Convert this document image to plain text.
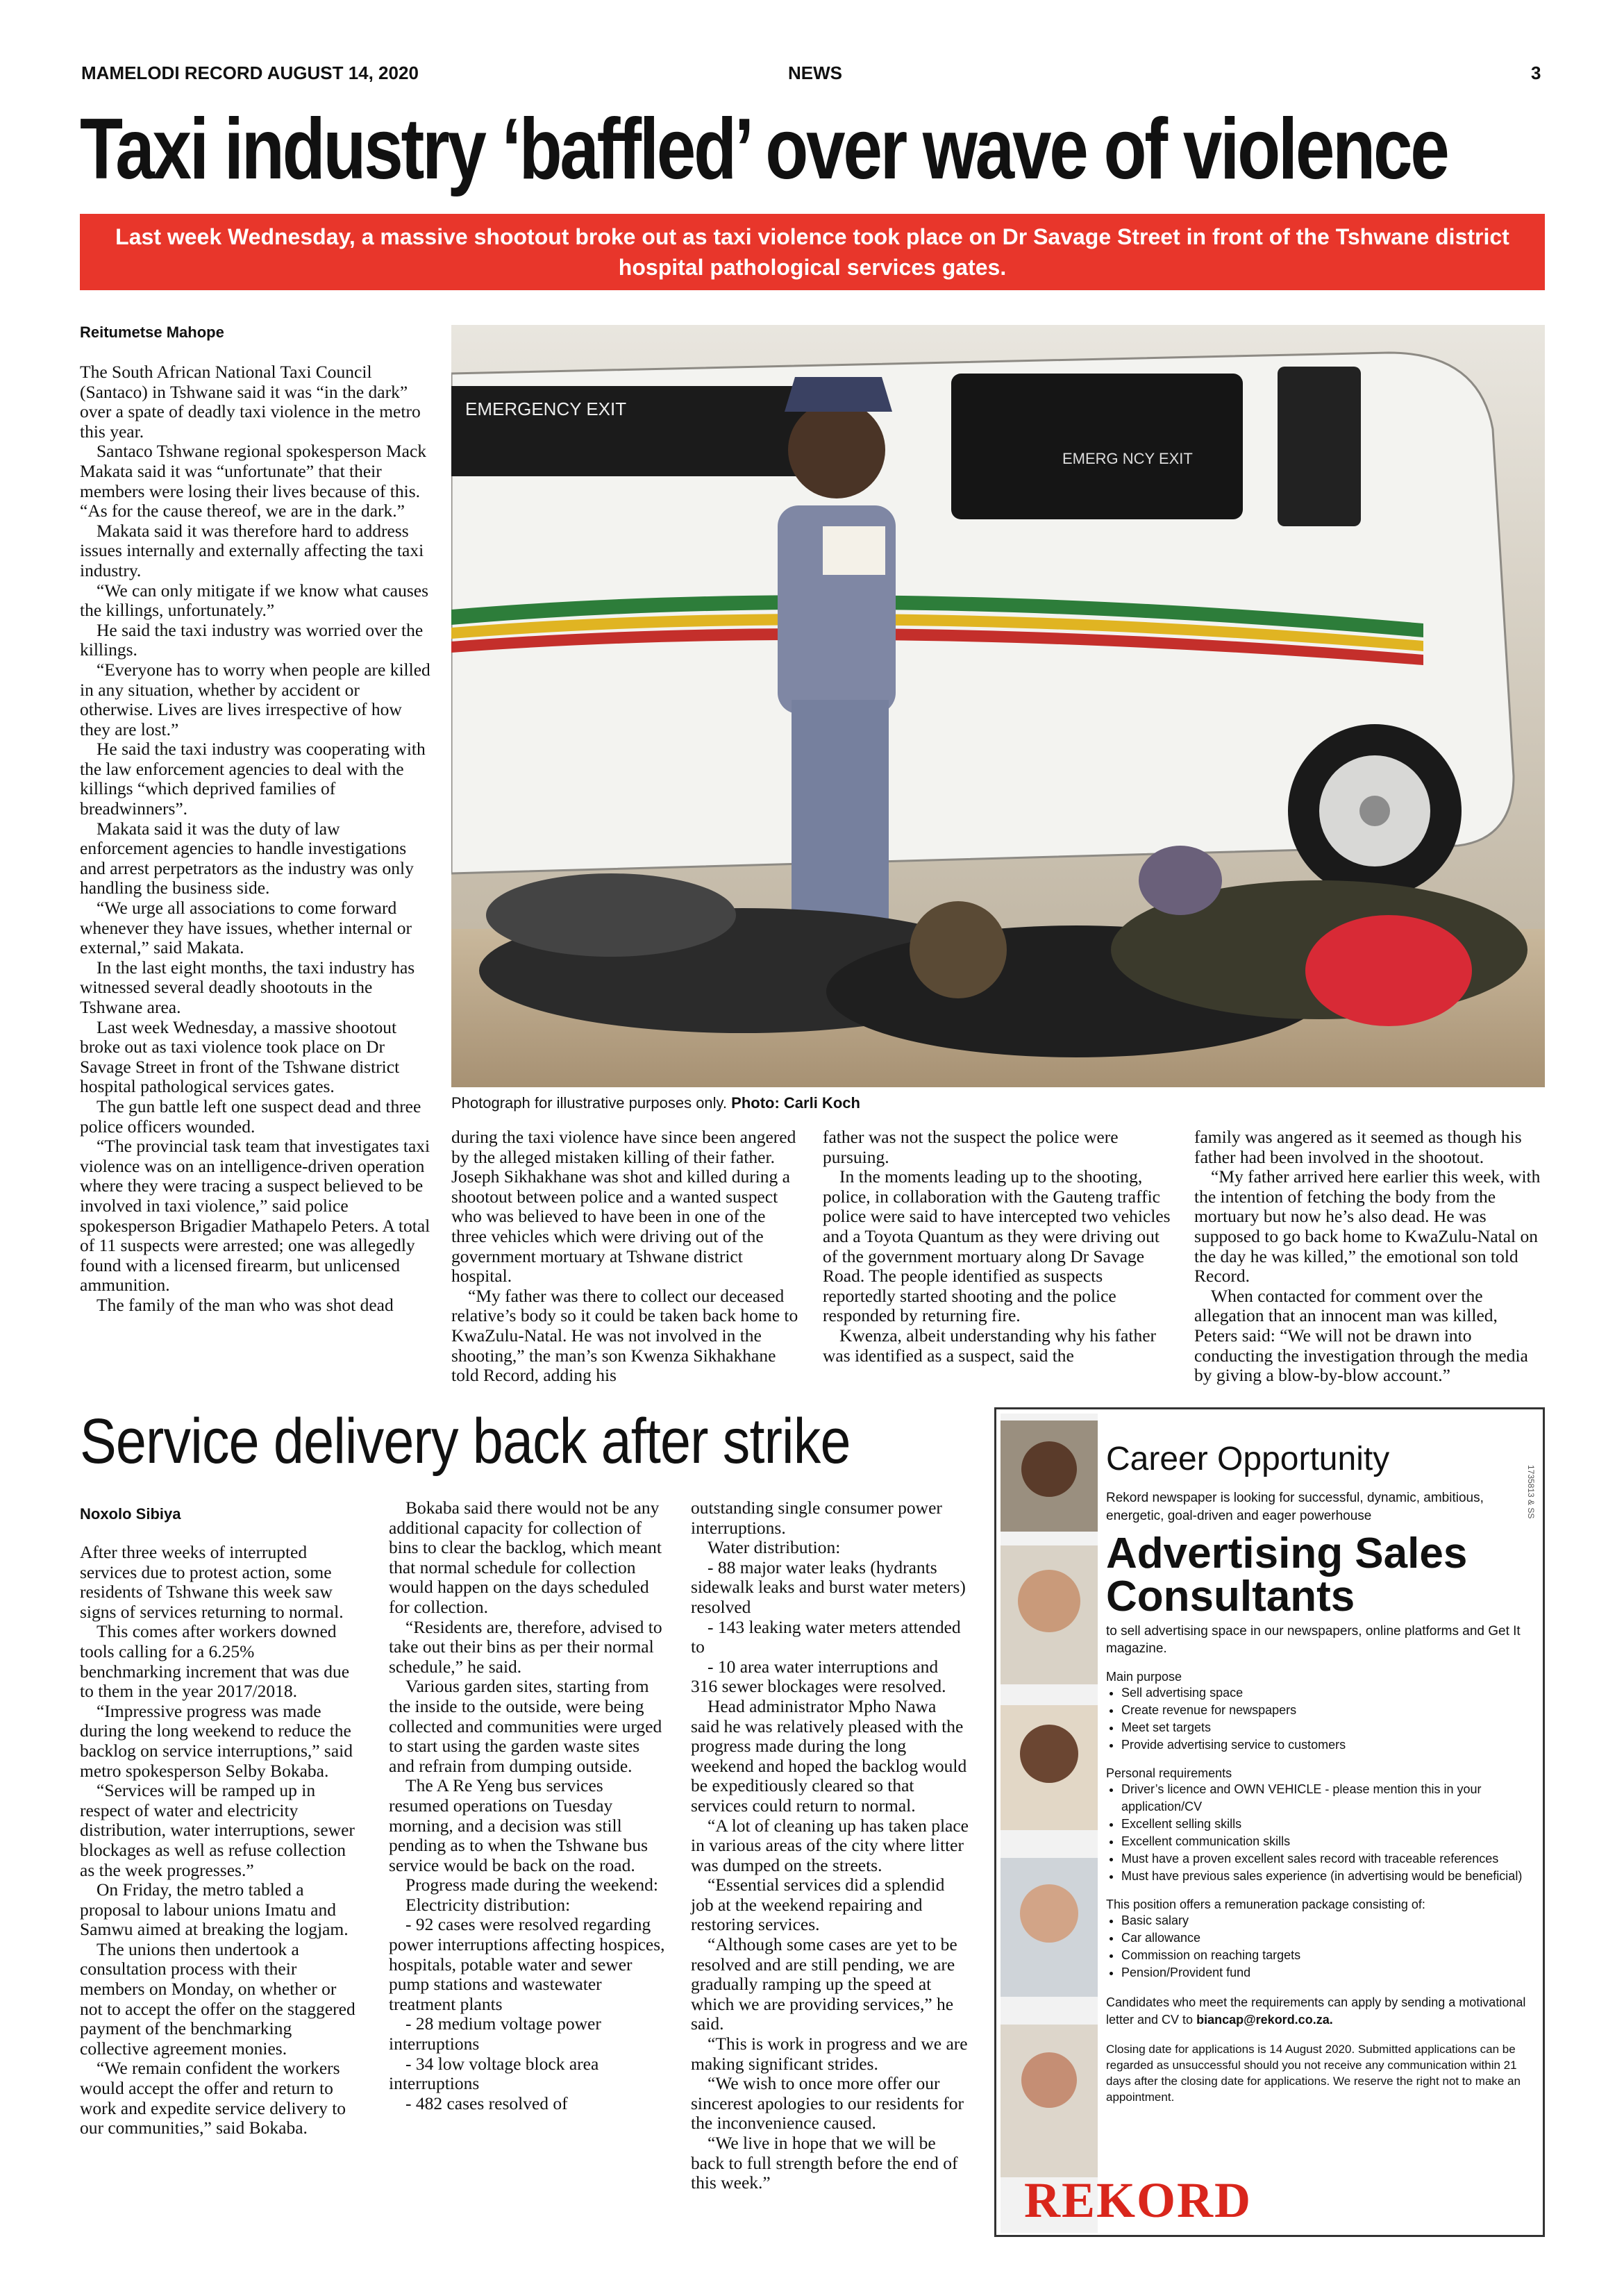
MAMELODI RECORD AUGUST 14, 2020	NEWS	3
Taxi industry ‘baffled’ over wave of violence
Last week Wednesday, a massive shootout broke out as taxi violence took place on Dr Savage Street in front of the Tshwane district hospital pathological services gates.
Reitumetse Mahope

The South African National Taxi Council (Santaco) in Tshwane said it was “in the dark” over a spate of deadly taxi violence in the metro this year.

Santaco Tshwane regional spokesperson Mack Makata said it was “unfortunate” that their members were losing their lives because of this. “As for the cause thereof, we are in the dark.”

Makata said it was therefore hard to address issues internally and externally affecting the taxi industry.

“We can only mitigate if we know what causes the killings, unfortunately.”

He said the taxi industry was worried over the killings.

“Everyone has to worry when people are killed in any situation, whether by accident or otherwise. Lives are lives irrespective of how they are lost.”

He said the taxi industry was cooperating with the law enforcement agencies to deal with the killings “which deprived families of breadwinners”.

Makata said it was the duty of law enforcement agencies to handle investigations and arrest perpetrators as the industry was only handling the business side.

“We urge all associations to come forward whenever they have issues, whether internal or external,” said Makata.

In the last eight months, the taxi industry has witnessed several deadly shootouts in the Tshwane area.

Last week Wednesday, a massive shootout broke out as taxi violence took place on Dr Savage Street in front of the Tshwane district hospital pathological services gates.

The gun battle left one suspect dead and three police officers wounded.

“The provincial task team that investigates taxi violence was on an intelligence-driven operation where they were tracing a suspect believed to be involved in taxi violence,” said police spokesperson Brigadier Mathapelo Peters. A total of 11 suspects were arrested; one was allegedly found with a licensed firearm, but unlicensed ammunition.

The family of the man who was shot dead

EMERGENCY EXIT
EMERG NCY EXIT
Photograph for illustrative purposes only. Photo: Carli Koch

during the taxi violence have since been angered by the alleged mistaken killing of their father. Joseph Sikhakhane was shot and killed during a shootout between police and a wanted suspect who was believed to have been in one of the three vehicles which were driving out of the government mortuary at Tshwane district hospital.

“My father was there to collect our deceased relative’s body so it could be taken back home to KwaZulu-Natal. He was not involved in the shooting,” the man’s son Kwenza Sikhakhane told Record, adding his

father was not the suspect the police were pursuing.

In the moments leading up to the shooting, police, in collaboration with the Gauteng traffic police were said to have intercepted two vehicles and a Toyota Quantum as they were driving out of the government mortuary along Dr Savage Road. The people identified as suspects reportedly started shooting and the police responded by returning fire.

Kwenza, albeit understanding why his father was identified as a suspect, said the

family was angered as it seemed as though his father had been involved in the shootout.

“My father arrived here earlier this week, with the intention of fetching the body from the mortuary but now he’s also dead. He was supposed to go back home to KwaZulu-Natal on the day he was killed,” the emotional son told Record.

When contacted for comment over the allegation that an innocent man was killed, Peters said: “We will not be drawn into conducting the investigation through the media by giving a blow-by-blow account.”

Service delivery back after strike
Noxolo Sibiya

After three weeks of interrupted services due to protest action, some residents of Tshwane this week saw signs of services returning to normal.

This comes after workers downed tools calling for a 6.25% benchmarking increment that was due to them in the year 2017/2018.

“Impressive progress was made during the long weekend to reduce the backlog on service interruptions,” said metro spokesperson Selby Bokaba.

“Services will be ramped up in respect of water and electricity distribution, water interruptions, sewer blockages as well as refuse collection as the week progresses.”

On Friday, the metro tabled a proposal to labour unions Imatu and Samwu aimed at breaking the logjam.

The unions then undertook a consultation process with their members on Monday, on whether or not to accept the offer on the staggered payment of the benchmarking collective agreement monies.

“We remain confident the workers would accept the offer and return to work and expedite service delivery to our communities,” said Bokaba.

Bokaba said there would not be any additional capacity for collection of bins to clear the backlog, which meant that normal schedule for collection would happen on the days scheduled for collection.

“Residents are, therefore, advised to take out their bins as per their normal schedule,” he said.

Various garden sites, starting from the inside to the outside, were being collected and communities were urged to start using the garden waste sites and refrain from dumping outside.

The A Re Yeng bus services resumed operations on Tuesday morning, and a decision was still pending as to when the Tshwane bus service would be back on the road.

Progress made during the weekend:

Electricity distribution:

- 92 cases were resolved regarding power interruptions affecting hospices, hospitals, potable water and sewer pump stations and wastewater treatment plants

- 28 medium voltage power interruptions

- 34 low voltage block area interruptions

- 482 cases resolved of

outstanding single consumer power interruptions.

Water distribution:

- 88 major water leaks (hydrants sidewalk leaks and burst water meters) resolved

- 143 leaking water meters attended to

- 10 area water interruptions and 316 sewer blockages were resolved.

Head administrator Mpho Nawa said he was relatively pleased with the progress made during the long weekend and hoped the backlog would be expeditiously cleared so that services could return to normal.

“A lot of cleaning up has taken place in various areas of the city where litter was dumped on the streets.

“Essential services did a splendid job at the weekend repairing and restoring services.

“Although some cases are yet to be resolved and are still pending, we are gradually ramping up the speed at which we are providing services,” he said.

“This is work in progress and we are making significant strides.

“We wish to once more offer our sincerest apologies to our residents for the inconvenience caused.

“We live in hope that we will be back to full strength before the end of this week.”

Career Opportunity
Rekord newspaper is looking for successful, dynamic, ambitious, energetic, goal-driven and eager powerhouse
Advertising Sales Consultants
to sell advertising space in our newspapers, online platforms and Get It magazine.
Main purpose
• Sell advertising space
• Create revenue for newspapers
• Meet set targets
• Provide advertising service to customers
Personal requirements
• Driver’s licence and OWN VEHICLE - please mention this in your application/CV
• Excellent selling skills
• Excellent communication skills
• Must have a proven excellent sales record with traceable references
• Must have previous sales experience (in advertising would be beneficial)
This position offers a remuneration package consisting of:
• Basic salary
• Car allowance
• Commission on reaching targets
• Pension/Provident fund
Candidates who meet the requirements can apply by sending a motivational letter and CV to biancap@rekord.co.za.
Closing date for applications is 14 August 2020. Submitted applications can be regarded as unsuccessful should you not receive any communication within 21 days after the closing date for applications. We reserve the right not to make an appointment.
1735813 & SS
REKORD
